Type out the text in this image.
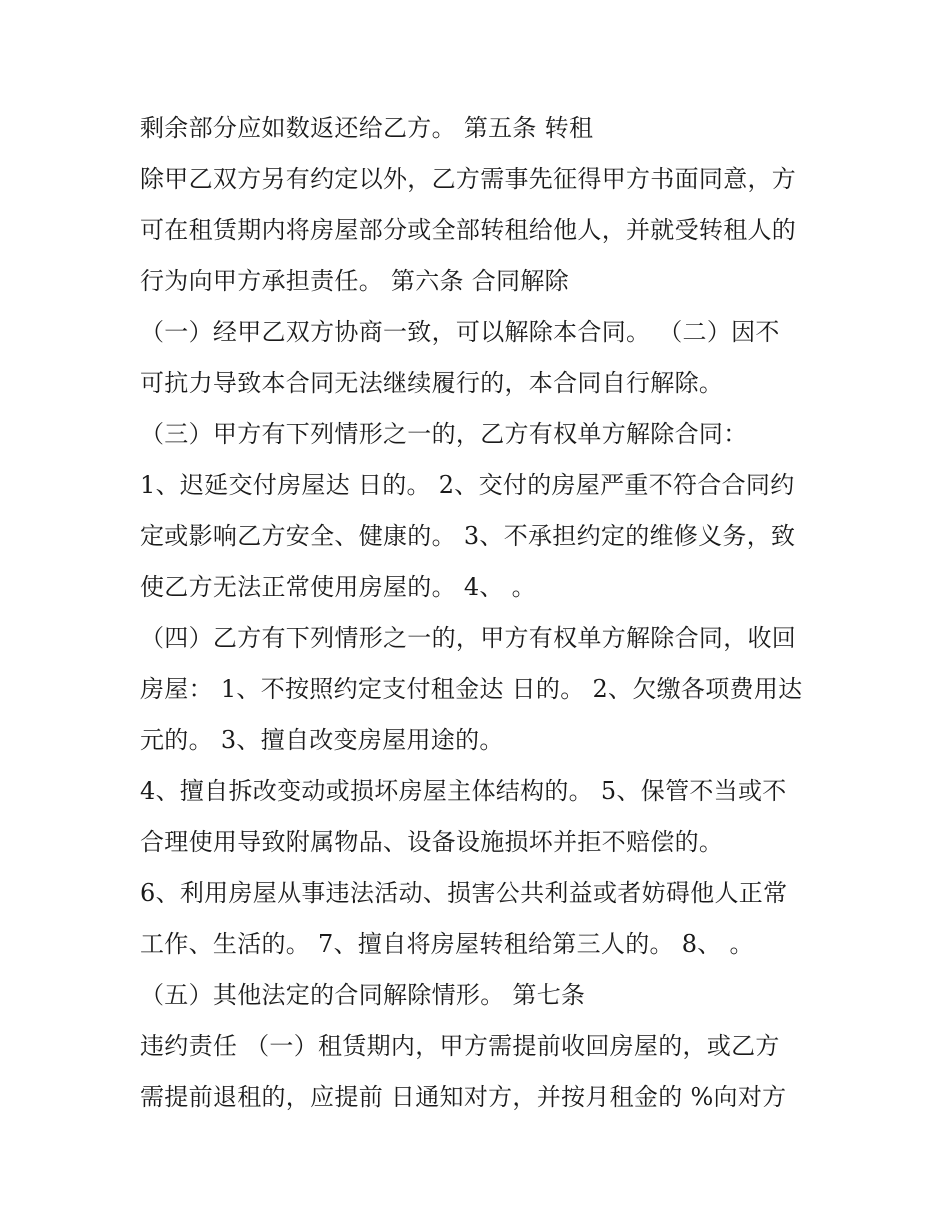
剩余部分应如数返还给乙方。 第五条 转租
除甲乙双方另有约定以外，乙方需事先征得甲方书面同意，方
可在租赁期内将房屋部分或全部转租给他人，并就受转租人的
行为向甲方承担责任。 第六条 合同解除
（一）经甲乙双方协商一致，可以解除本合同。 （二）因不
可抗力导致本合同无法继续履行的，本合同自行解除。
（三）甲方有下列情形之一的，乙方有权单方解除合同：
1、迟延交付房屋达 日的。 2、交付的房屋严重不符合合同约
定或影响乙方安全、健康的。 3、不承担约定的维修义务，致
使乙方无法正常使用房屋的。 4、 。
（四）乙方有下列情形之一的，甲方有权单方解除合同，收回
房屋： 1、不按照约定支付租金达 日的。 2、欠缴各项费用达
元的。 3、擅自改变房屋用途的。
4、擅自拆改变动或损坏房屋主体结构的。 5、保管不当或不
合理使用导致附属物品、设备设施损坏并拒不赔偿的。
6、利用房屋从事违法活动、损害公共利益或者妨碍他人正常
工作、生活的。 7、擅自将房屋转租给第三人的。 8、 。
（五）其他法定的合同解除情形。 第七条
违约责任 （一）租赁期内，甲方需提前收回房屋的，或乙方
需提前退租的，应提前 日通知对方，并按月租金的 %向对方
